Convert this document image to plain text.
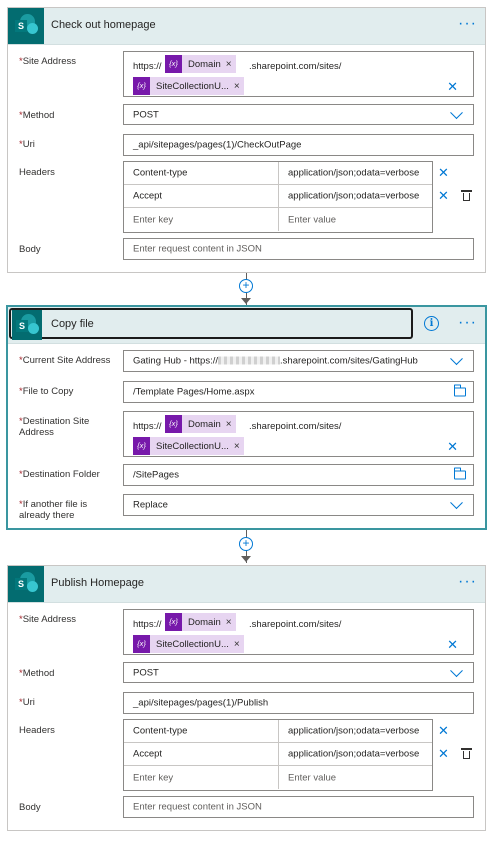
S Check out homepage	···
*Site Address	https://	{x}	Domain ×	.sharepoint.com/sites/
{x}	SiteCollectionU... ×	✕
*Method	POST
*Uri	_api/sitepages/pages(1)/CheckOutPage
Headers	Content-type	application/json;odata=verbose
Accept	application/json;odata=verbose
Enter key	Enter value
✕
✕
Body	Enter request content in JSON
+
S Copy file	i	···
*Current Site Address Gating Hub - https://	.sharepoint.com/sites/GatingHub
*File to Copy	/Template Pages/Home.aspx
*Destination Site
Address
https://	{x}	Domain ×	.sharepoint.com/sites/
{x}	SiteCollectionU... ×	✕
*Destination Folder	/SitePages
*If another file is
already there
Replace
+
S Publish Homepage	···
*Site Address	https://	{x}	Domain ×	.sharepoint.com/sites/
{x}	SiteCollectionU... ×	✕
*Method	POST
*Uri	_api/sitepages/pages(1)/Publish
Headers	Content-type	application/json;odata=verbose
Accept	application/json;odata=verbose
Enter key	Enter value
✕
✕
Body	Enter request content in JSON
